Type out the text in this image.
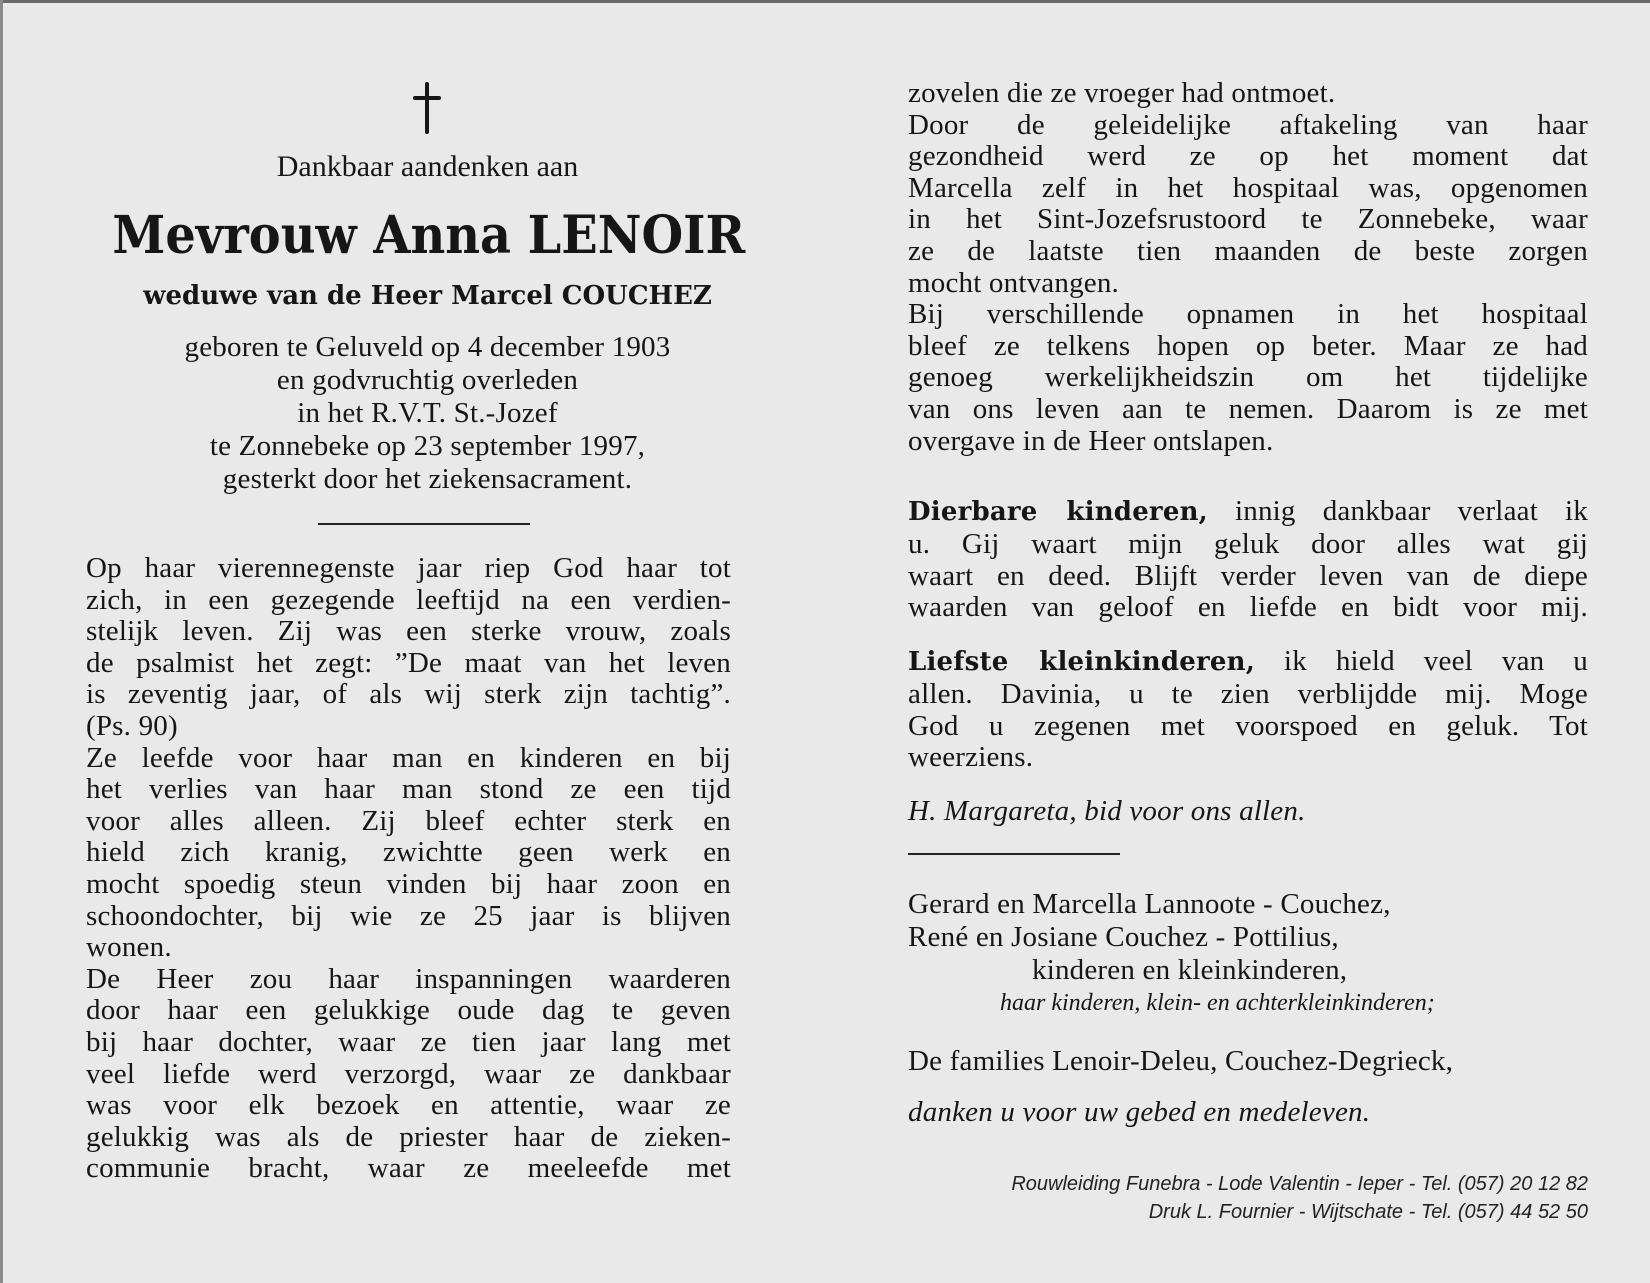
Dankbaar aandenken aan
Mevrouw Anna LENOIR
weduwe van de Heer Marcel COUCHEZ
geboren te Geluveld op 4 december 1903
en godvruchtig overleden
in het R.V.T. St.-Jozef
te Zonnebeke op 23 september 1997,
gesterkt door het ziekensacrament.
Op haar vierennegenste jaar riep God haar tot
zich, in een gezegende leeftijd na een verdien-
stelijk leven. Zij was een sterke vrouw, zoals
de psalmist het zegt: ”De maat van het leven
is zeventig jaar, of als wij sterk zijn tachtig”.
(Ps. 90)
Ze leefde voor haar man en kinderen en bij
het verlies van haar man stond ze een tijd
voor alles alleen. Zij bleef echter sterk en
hield zich kranig, zwichtte geen werk en
mocht spoedig steun vinden bij haar zoon en
schoondochter, bij wie ze 25 jaar is blijven
wonen.
De Heer zou haar inspanningen waarderen
door haar een gelukkige oude dag te geven
bij haar dochter, waar ze tien jaar lang met
veel liefde werd verzorgd, waar ze dankbaar
was voor elk bezoek en attentie, waar ze
gelukkig was als de priester haar de zieken-
communie bracht, waar ze meeleefde met
zovelen die ze vroeger had ontmoet.
Door de geleidelijke aftakeling van haar
gezondheid werd ze op het moment dat
Marcella zelf in het hospitaal was, opgenomen
in het Sint-Jozefsrustoord te Zonnebeke, waar
ze de laatste tien maanden de beste zorgen
mocht ontvangen.
Bij verschillende opnamen in het hospitaal
bleef ze telkens hopen op beter. Maar ze had
genoeg werkelijkheidszin om het tijdelijke
van ons leven aan te nemen. Daarom is ze met
overgave in de Heer ontslapen.
Dierbare kinderen, innig dankbaar verlaat ik
u. Gij waart mijn geluk door alles wat gij
waart en deed. Blijft verder leven van de diepe
waarden van geloof en liefde en bidt voor mij.
Liefste kleinkinderen, ik hield veel van u
allen. Davinia, u te zien verblijdde mij. Moge
God u zegenen met voorspoed en geluk. Tot
weerziens.
H. Margareta, bid voor ons allen.
Gerard en Marcella Lannoote - Couchez,
René en Josiane Couchez - Pottilius,
kinderen en kleinkinderen,
haar kinderen, klein- en achterkleinkinderen;
De families Lenoir-Deleu, Couchez-Degrieck,
danken u voor uw gebed en medeleven.
Rouwleiding Funebra - Lode Valentin - Ieper - Tel. (057) 20 12 82
Druk L. Fournier - Wijtschate - Tel. (057) 44 52 50
